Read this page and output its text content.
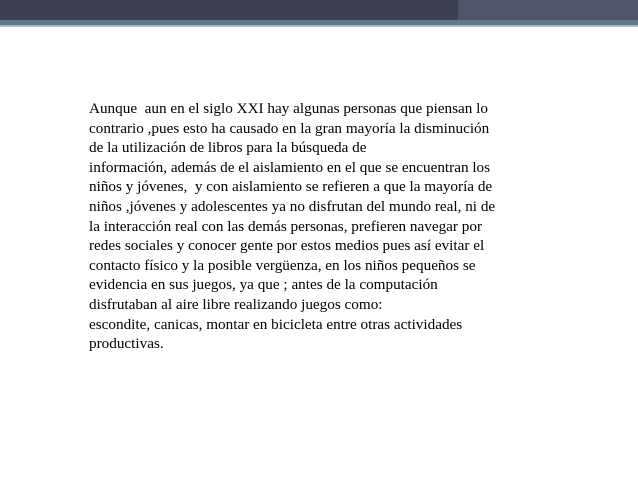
Aunque  aun en el siglo XXI hay algunas personas que piensan lo
contrario ,pues esto ha causado en la gran mayoría la disminución
de la utilización de libros para la búsqueda de
información, además de el aislamiento en el que se encuentran los
niños y jóvenes,  y con aislamiento se refieren a que la mayoría de
niños ,jóvenes y adolescentes ya no disfrutan del mundo real, ni de
la interacción real con las demás personas, prefieren navegar por
redes sociales y conocer gente por estos medios pues así evitar el
contacto físico y la posible vergüenza, en los niños pequeños se
evidencia en sus juegos, ya que ; antes de la computación
disfrutaban al aire libre realizando juegos como:
escondite, canicas, montar en bicicleta entre otras actividades
productivas.
